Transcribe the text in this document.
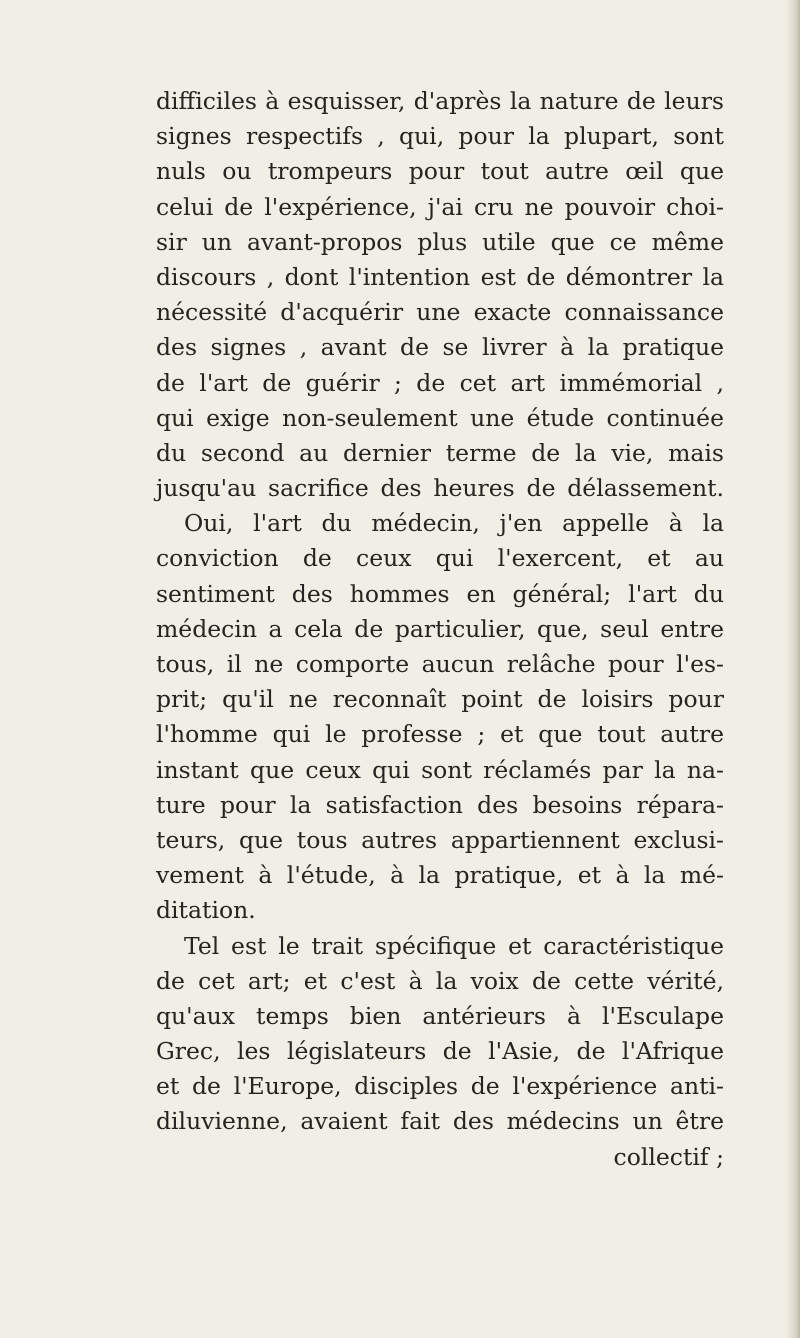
difficiles à esquisser, d'après la nature de leurs
signes respectifs , qui, pour la plupart, sont
nuls ou trompeurs pour tout autre œil que
celui de l'expérience, j'ai cru ne pouvoir choi-
sir un avant-propos plus utile que ce même
discours , dont l'intention est de démontrer la
nécessité d'acquérir une exacte connaissance
des signes , avant de se livrer à la pratique
de l'art de guérir ; de cet art immémorial ,
qui exige non-seulement une étude continuée
du second au dernier terme de la vie, mais
jusqu'au sacrifice des heures de délassement.
Oui, l'art du médecin, j'en appelle à la
conviction de ceux qui l'exercent, et au
sentiment des hommes en général; l'art du
médecin a cela de particulier, que, seul entre
tous, il ne comporte aucun relâche pour l'es-
prit; qu'il ne reconnaît point de loisirs pour
l'homme qui le professe ; et que tout autre
instant que ceux qui sont réclamés par la na-
ture pour la satisfaction des besoins répara-
teurs, que tous autres appartiennent exclusi-
vement à l'étude, à la pratique, et à la mé-
ditation.
Tel est le trait spécifique et caractéristique
de cet art; et c'est à la voix de cette vérité,
qu'aux temps bien antérieurs à l'Esculape
Grec, les législateurs de l'Asie, de l'Afrique
et de l'Europe, disciples de l'expérience anti-
diluvienne, avaient fait des médecins un être
collectif ;
